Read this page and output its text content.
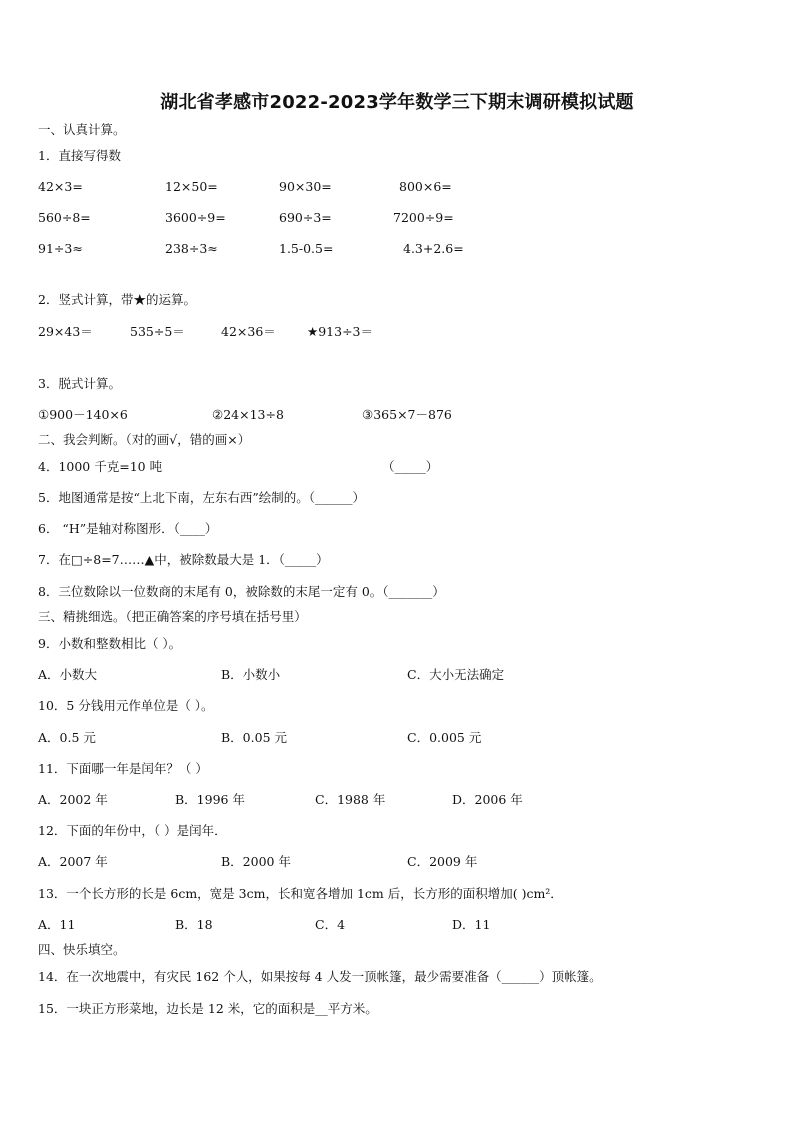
湖北省孝感市2022-2023学年数学三下期末调研模拟试题
一、认真计算。
1．直接写得数
42×3=	12×50=	90×30=	800×6=
560÷8=	3600÷9=	690÷3=	7200÷9=
91÷3≈	238÷3≈	1.5-0.5=	4.3+2.6=
2．竖式计算，带★的运算。
29×43＝	535÷5＝	42×36＝ ★913÷3＝
3．脱式计算。
①900－140×6	②24×13÷8	③365×7－876
二、我会判断。（对的画√，错的画×）
4．1000 千克=10 吨	（_____）
5．地图通常是按“上北下南，左东右西”绘制的。（______）
6． “H”是轴对称图形．（____）
7．在□÷8=7……▲中，被除数最大是 1．（_____）
8．三位数除以一位数商的末尾有 0，被除数的末尾一定有 0。（_______）
三、精挑细选。（把正确答案的序号填在括号里）
9．小数和整数相比（ ）。
A．小数大	B．小数小	C．大小无法确定
10．5 分钱用元作单位是（ ）。
A．0.5 元	B．0.05 元	C．0.005 元
11．下面哪一年是闰年？（ ）
A．2002 年	B．1996 年	C．1988 年	D．2006 年
12．下面的年份中，（ ）是闰年．
A．2007 年	B．2000 年	C．2009 年
13．一个长方形的长是 6cm，宽是 3cm，长和宽各增加 1cm 后，长方形的面积增加( )cm²．
A．11	B．18	C．4	D．11
四、快乐填空。
14．在一次地震中，有灾民 162 个人，如果按每 4 人发一顶帐篷，最少需要准备（______）顶帐篷。
15．一块正方形菜地，边长是 12 米，它的面积是__平方米。
